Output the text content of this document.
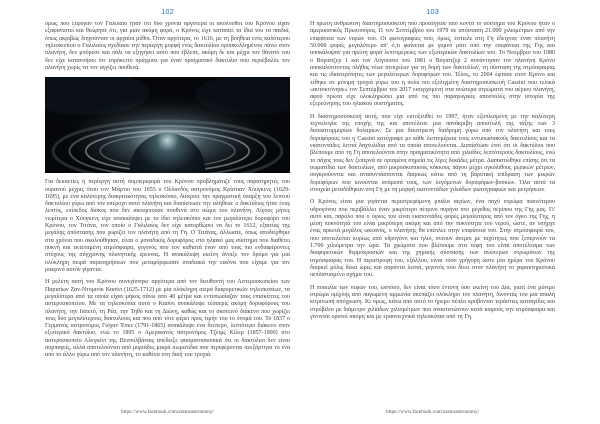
102

όμως που ξέφυγαν τον Γαλιλαίο ήταν ότι δύο χρόνια αργότερα οι ακόλουθοι του Κρόνου είχαν εξαφανιστεί και θεώρησε ότι, για μιαν ακόμη φορά, ο Κρόνος είχε καταπιεί τα ίδια του τα παιδιά, όπως ακριβώς διηγούνταν οι αρχαίοι μύθοι. Όταν αργότερα, το 1616, με τη βοήθεια ενός καλύτερου τηλεσκοπίου ο Γαλιλαίος σχεδίασε την περίεργη μορφή ενός δακτυλίου προσκολλημένου πάνω στον πλανήτη, δεν μπόρεσε και πάλι να εξηγήσει αυτό που έβλεπε, ακόμη δε και μέχρι τον θάνατό του δεν είχε κατανοήσει ότι επρόκειτο πράγματι για έναν πραγματικό δακτύλιο που περιέβαλλε τον πλανήτη χωρίς να τον αγγίζει πουθενά.

Για δεκαετίες η περίεργη αυτή συμπεριφορά του Κρόνου προβλημάτιζε τους παρατηρητές του ουρανού μέχρις ότου τον Μάρτιο του 1655 ο Ολλανδός αστρονόμος Κρίστιαν Χόυγκενς (1629-1695), με ένα καλύτερης διακριτικότητας τηλεσκόπιο, διέκρινε την πραγματική ύπαρξη του λεπτού δακτυλίου γύρω από τον υπέροχο αυτό πλανήτη και διαπίστωσε την αλήθεια: ο δακτύλιος ήταν ένας λεπτός, επίπεδος δίσκος που δεν ακουμπούσε πουθενά στο σώμα του πλανήτη. Λίγους μήνες νωρίτερα ο Χόυγκενς είχε ανακαλύψει με το ίδιο τηλεσκόπιο και τον μεγαλύτερο δορυφόρο του Κρόνου, τον Τιτάνα, τον οποίο ο Γαλιλαίος δεν είχε κατορθώσει να δει το 1612, εξαιτίας της μεγάλης απόστασης που χωρίζει τον πλανήτη από τη Γη. Ο Τιτάνας, άλλωστε, όπως αποδείχθηκε στα χρόνια που ακολούθησαν, είναι ο μοναδικός δορυφόρος στο ηλιακό μας σύστημα που διαθέτει πυκνή και εκτεταμένη ατμόσφαιρα, γεγονός που τον καθιστά έναν από τους πιο ενδιαφέροντες στόχους της σύγχρονης πλανητικής έρευνας. Η ανακάλυψη εκείνη άνοιξε τον δρόμο για μια ολόκληρη σειρά παρατηρήσεων που μεταμόρφωσαν σταδιακά την εικόνα που είχαμε για τον μακρινό αυτόν γίγαντα.

Η μελέτη αυτή του Κρόνου συνεχίστηκε αργότερα από τον διευθυντή του Αστεροσκοπείου των Παρισίων Ζαν-Ντομινίκ Κασίνι (1625-1712) με μία ολόκληρη σειρά διαφορετικών τηλεσκοπίων, τα μεγαλύτερα από τα οποία είχαν μήκος πάνω από 40 μέτρα και εντυπωσίαζαν τους επισκέπτες του αστεροσκοπείου. Με τα τηλεσκόπια αυτά ο Κασίνι ανακάλυψε τέσσερις ακόμη δορυφόρους του πλανήτη, την Ιαπετό, τη Ρέα, την Τηθύ και τη Διώνη, καθώς και το σκοτεινό διάκενο που χωρίζει τους δύο μεγαλύτερους δακτυλίους και που από τότε φέρει προς τιμήν του το όνομά του. Το 1837 ο Γερμανός αστρονόμος Γιόχαν Ένκε (1791-1865) ανακάλυψε ένα δεύτερο, λεπτότερο διάκενο στον εξωτερικό δακτύλιο, ενώ το 1895 ο Αμερικανός αστρονόμος Τζέιμς Κίλερ (1857-1900) στο αστεροσκοπείο Αλεγκένι της Πενσυλβάνιας απέδειξε φασματοσκοπικά ότι οι δακτύλιοι δεν είναι συμπαγείς, αλλά αποτελούνται από μυριάδες μικρά σωματίδια που περιφέρονται ανεξάρτητα το ένα από το άλλο γύρω από τον πλανήτη, το καθένα στη δική του τροχιά.

https://www.facebook.com/aratosastronomy/
103

Η πρώτη ανθρώπινη διαστημοσυσκευή που προσέγγισε από κοντά το σύστημα του Κρόνου ήταν ο αμερικανικός Πρωτοπόρος 11 τον Σεπτέμβριο του 1979 σε απόσταση 21.000 χιλιομέτρων από την επιφάνεια των νεφών του. Οι φωτογραφίες που, όμως, έστειλε στη Γη έδειχναν έναν πλανήτη 50.000 φορές μεγαλύτερο απ' ό,τι φαίνεται με γυμνό μάτι από την επιφάνεια της Γης και αποκάλυψαν για πρώτη φορά λεπτομέρειες των εξωτερικών δακτυλίων του. Το Νοέμβριο του 1980 ο Βόγιατζερ 1 και τον Αύγουστο του 1981 ο Βόγιατζερ 2 συνάντησαν τον πλανήτη Κρόνο αποκαλύπτοντας πλήθος νέων στοιχείων για τη δομή των δακτυλίων, τη σύσταση της ατμόσφαιρας και τις ιδιαιτερότητες των μεγαλύτερων δορυφόρων του. Τέλος, το 2004 έφτασε στον Κρόνο και τέθηκε σε μόνιμη τροχιά γύρω του η πολύ πιο εξελιγμένη διαστημοσυσκευή Cassini που τελικά «αυτοκτόνησε» τον Σεπτέμβριο του 2017 εισερχόμενη στα ανώτερα στρώματα του αέριου πλανήτη, αφού πρώτα είχε ολοκληρώσει μια από τις πιο παραγωγικές αποστολές στην ιστορία της εξερεύνησης του ηλιακού συστήματος.

Η διαστημοσυσκευή αυτή, που είχε εκτοξευθεί το 1997, ήταν εξοπλισμένη με την καλύτερη τεχνολογία της εποχής της και αποτέλεσε μια πανάκριβη αποστολή της τάξης των 3 δισεκατομμυρίων δολαρίων. Σε μια δεκατριετή διαδρομή γύρω από τον πλανήτη και τους δορυφόρους του η Cassini κατέγραψε με κάθε λεπτομέρεια τους εντυπωσιακούς δακτυλίους και τα εκατοντάδες λεπτά δαχτυλίδια από τα οποία αποτελούνται. Διαπίστωσε έτσι ότι οι δακτύλιοι που βλέπουμε από τη Γη αποτελούνται στην πραγματικότητα από χιλιάδες λεπτότερους δακτυλίους, ενώ το πάχος τους δεν ξεπερνά σε ορισμένα σημεία τις λίγες δεκάδες μέτρα. Διαπιστώθηκε επίσης ότι τα σωματίδια των δακτυλίων, από μικροσκοπικούς κόκκους πάγου μέχρι ογκόλιθους μερικών μέτρων, συγκρούονται και ανασυντάσσονται διαρκώς κάτω από τη βαρυτική επίδραση των μικρών δορυφόρων που κινούνται ανάμεσά τους, των λεγόμενων δορυφόρων-βοσκών. Όλα αυτά τα στοιχεία μεταδόθηκαν στη Γη με τη μορφή εκατοντάδων χιλιάδων φωτογραφιών και μετρήσεων.

Ο Κρόνος είναι μια γιγάντια περιστρεφόμενη μπάλα αερίων, ένα παχύ στρώμα πυκνότερου υδρογόνου που περιβάλλει έναν μικρότερο πέτρινο πυρήνα στο μέγεθος περίπου της Γης μας. Γι' αυτό και, παρόλο που ο όγκος του είναι εκατοντάδες φορές μεγαλύτερος από τον όγκο της Γης, η μέση πυκνότητά του είναι μικρότερη ακόμη και από την πυκνότητα του νερού, ώστε, αν υπήρχε ένας αρκετά μεγάλος ωκεανός, ο πλανήτης θα επέπλεε στην επιφάνειά του. Στην ατμόσφαιρά του, που αποτελείται κυρίως από υδρογόνο και ήλιο, πνέουν άνεμοι με ταχύτητες που ξεπερνούν τα 1.700 χιλιόμετρα την ώρα. Τα χρώματα που βλέπουμε στα νέφη του είναι αποτέλεσμα των διαφορετικών θερμοκρασιών και της χημικής σύστασης των ανώτερων στρωμάτων της ατμόσφαιράς του. Η περιστροφή του, εξάλλου, είναι τόσο γρήγορη ώστε μία ημέρα του Κρόνου διαρκεί μόλις δέκα ώρες και σαράντα λεπτά, γεγονός που δίνει στον πλανήτη το χαρακτηριστικά πεπλατυσμένο σχήμα του.

Η ποικιλία των νεφών του, ωστόσο, δεν είναι τόσο έντονη όσο εκείνη του Δία, γιατί ένα μόνιμο στρώμα ομίχλης από παγωμένη αμμωνία σκεπάζει ολόκληρο τον πλανήτη, δίνοντάς του μια απαλή κιτρινωπή απόχρωση. Κι όμως, κάτω από αυτό το ήρεμο πέπλο κρύβονται τεράστιες καταιγίδες και στρόβιλοι με διάμετρο χιλιάδων χιλιομέτρων που αναστατώνουν κατά καιρούς την ατμόσφαιρα και γίνονται ορατοί ακόμη και με ερασιτεχνικά τηλεσκόπια από τη Γη.

https://www.facebook.com/aratosastronomy/
